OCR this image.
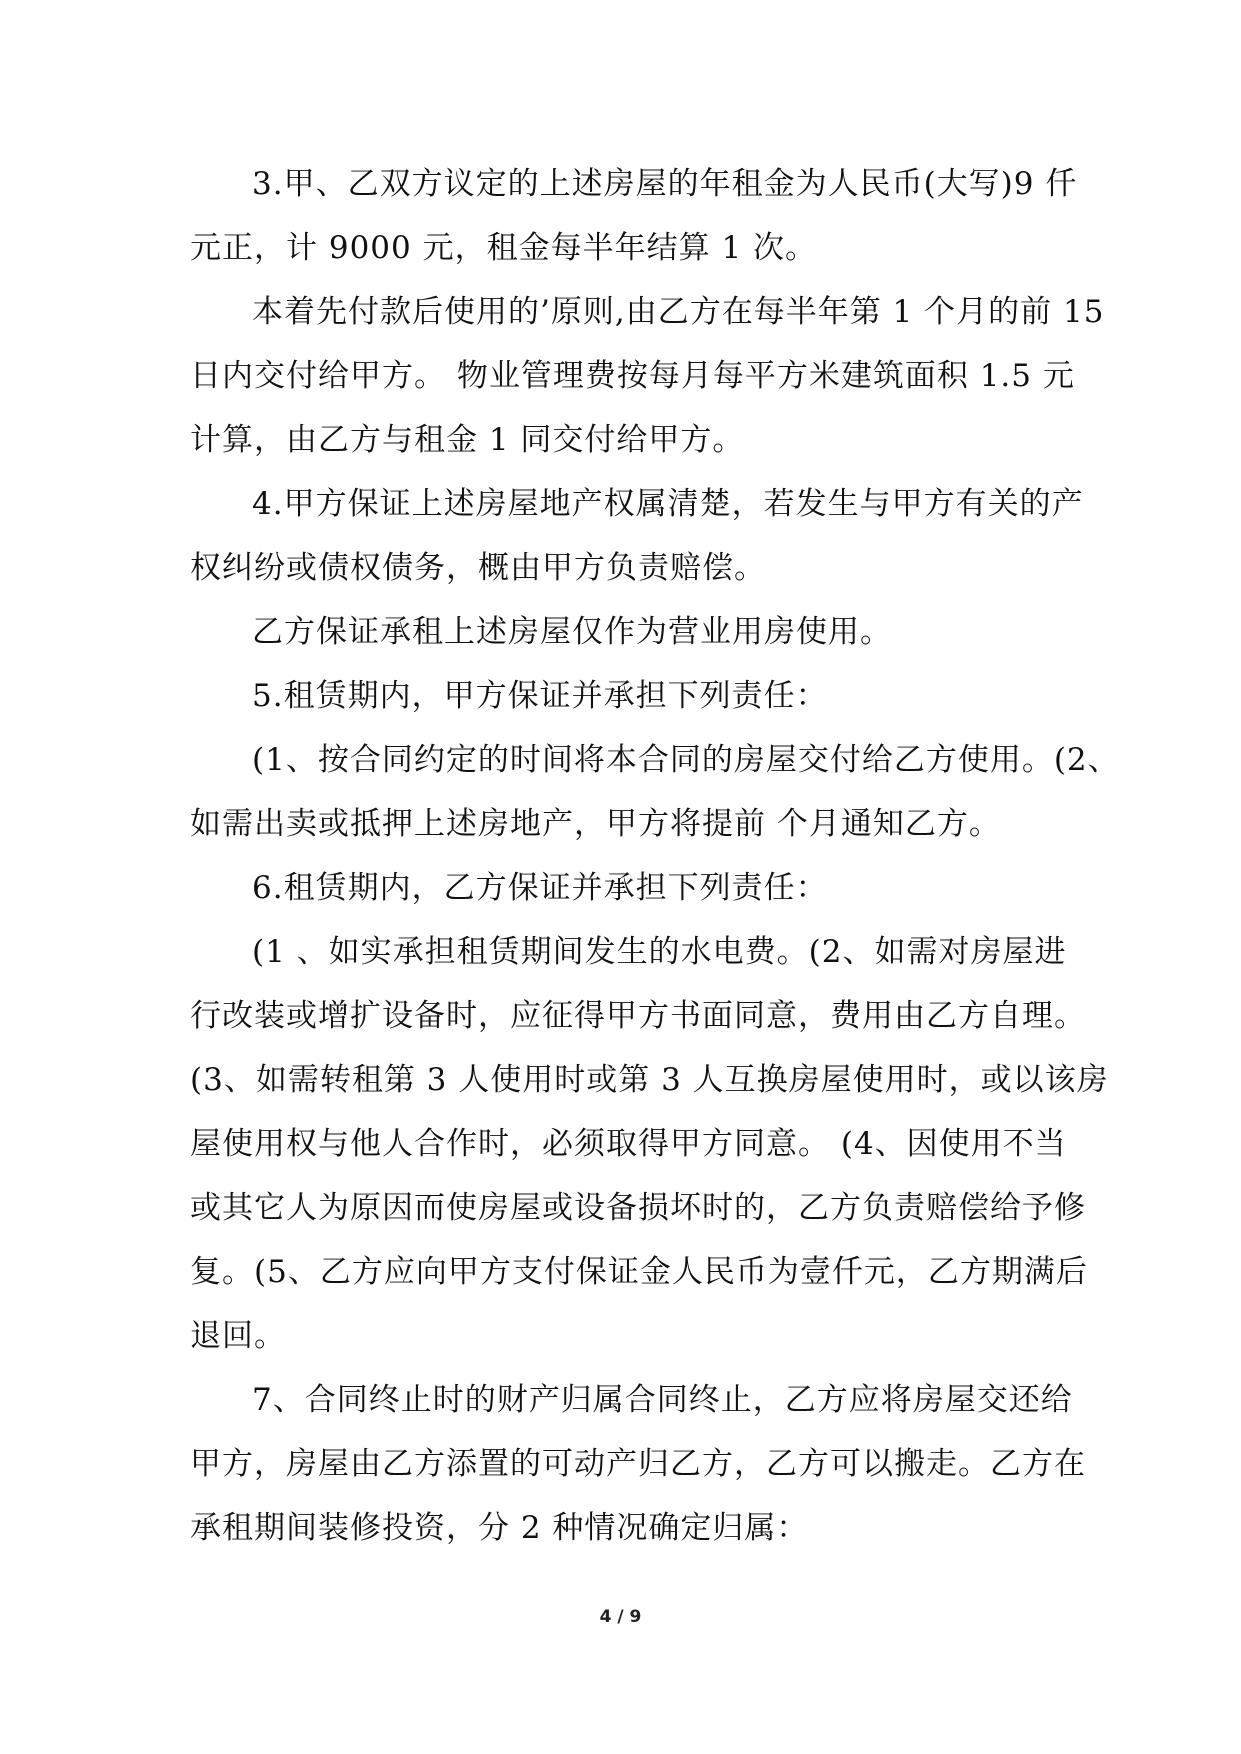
3.甲、乙双方议定的上述房屋的年租金为人民币(大写)9 仟
元正，计 9000 元，租金每半年结算 1 次。
本着先付款后使用的’原则,由乙方在每半年第 1 个月的前 15
日内交付给甲方。 物业管理费按每月每平方米建筑面积 1.5 元
计算，由乙方与租金 1 同交付给甲方。
4.甲方保证上述房屋地产权属清楚，若发生与甲方有关的产
权纠纷或债权债务，概由甲方负责赔偿。
乙方保证承租上述房屋仅作为营业用房使用。
5.租赁期内，甲方保证并承担下列责任：
(1、按合同约定的时间将本合同的房屋交付给乙方使用。(2、
如需出卖或抵押上述房地产，甲方将提前 个月通知乙方。
6.租赁期内，乙方保证并承担下列责任：
(1 、如实承担租赁期间发生的水电费。(2、如需对房屋进
行改装或增扩设备时，应征得甲方书面同意，费用由乙方自理。
(3、如需转租第 3 人使用时或第 3 人互换房屋使用时，或以该房
屋使用权与他人合作时，必须取得甲方同意。 (4、因使用不当
或其它人为原因而使房屋或设备损坏时的，乙方负责赔偿给予修
复。(5、乙方应向甲方支付保证金人民币为壹仟元，乙方期满后
退回。
7、合同终止时的财产归属合同终止，乙方应将房屋交还给
甲方，房屋由乙方添置的可动产归乙方，乙方可以搬走。乙方在
承租期间装修投资，分 2 种情况确定归属：
4 / 9
